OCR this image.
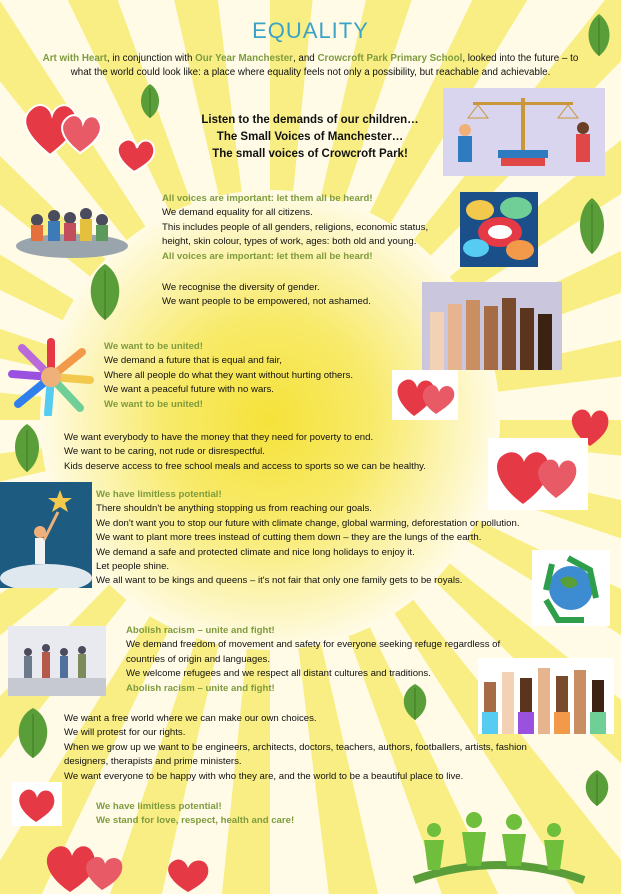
EQUALITY
Art with Heart, in conjunction with Our Year Manchester, and Crowcroft Park Primary School, looked into the future – to what the world could look like: a place where equality feels not only a possibility, but reachable and achievable.
Listen to the demands of our children…
The Small Voices of Manchester…
The small voices of Crowcroft Park!
All voices are important: let them all be heard!
We demand equality for all citizens.
This includes people of all genders, religions, economic status,
height, skin colour, types of work, ages: both old and young.
All voices are important: let them all be heard!
We recognise the diversity of gender.
We want people to be empowered, not ashamed.
We want to be united!
We demand a future that is equal and fair,
Where all people do what they want without hurting others.
We want a peaceful future with no wars.
We want to be united!
We want everybody to have the money that they need for poverty to end.
We want to be caring, not rude or disrespectful.
Kids deserve access to free school meals and access to sports so we can be healthy.
We have limitless potential!
There shouldn't be anything stopping us from reaching our goals.
We don't want you to stop our future with climate change, global warming, deforestation or pollution.
We want to plant more trees instead of cutting them down – they are the lungs of the earth.
We demand a safe and protected climate and nice long holidays to enjoy it.
Let people shine.
We all want to be kings and queens – it's not fair that only one family gets to be royals.
Abolish racism – unite and fight!
We demand freedom of movement and safety for everyone seeking refuge regardless of
countries of origin and languages.
We welcome refugees and we respect all distant cultures and traditions.
Abolish racism – unite and fight!
We want a free world where we can make our own choices.
We will protest for our rights.
When we grow up we want to be engineers, architects, doctors, teachers, authors, footballers, artists, fashion
designers, therapists and prime ministers.
We want everyone to be happy with who they are, and the world to be a beautiful place to live.
We have limitless potential!
We stand for love, respect, health and care!
